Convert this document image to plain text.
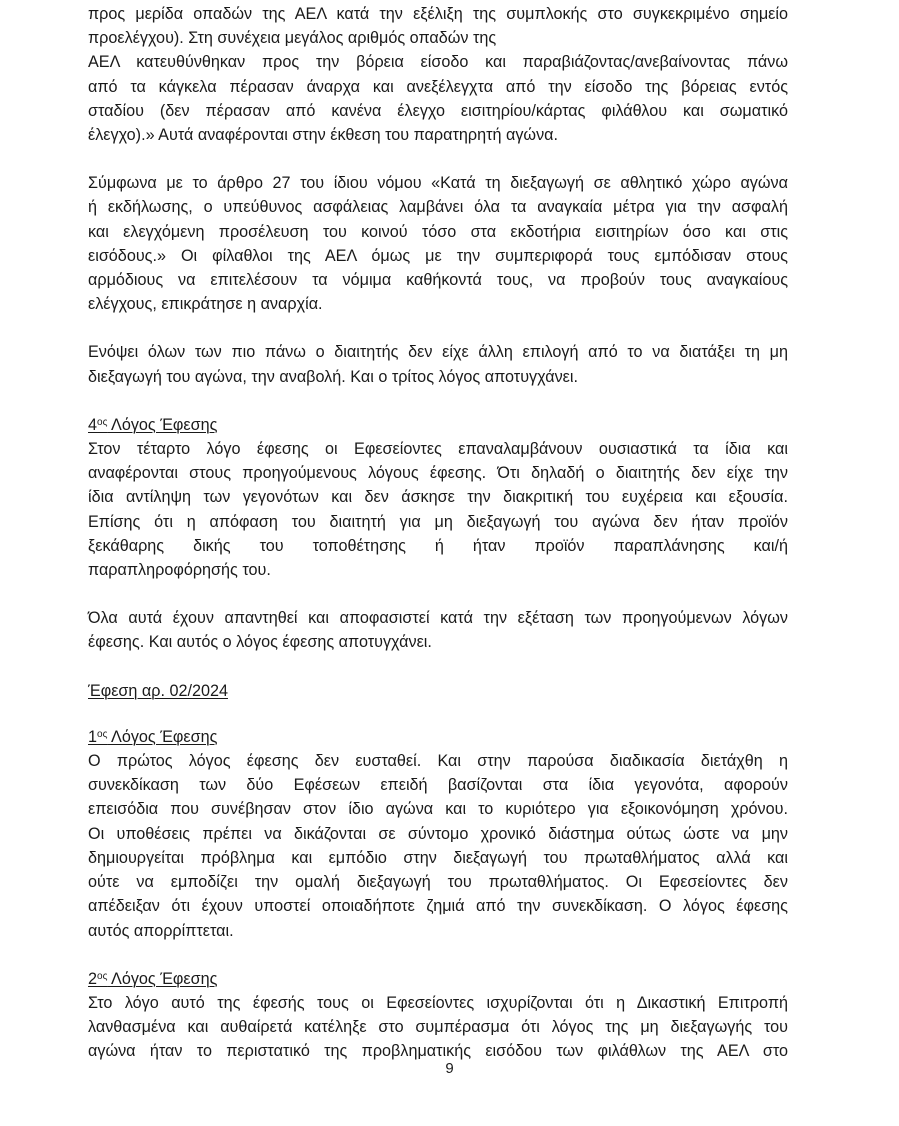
προς μερίδα οπαδών της ΑΕΛ κατά την εξέλιξη της συμπλοκής στο συγκεκριμένο σημείο
προελέγχου). Στη συνέχεια μεγάλος αριθμός οπαδών της
ΑΕΛ κατευθύνθηκαν προς την βόρεια είσοδο και παραβιάζοντας/ανεβαίνοντας πάνω
από τα κάγκελα πέρασαν άναρχα και ανεξέλεγχτα από την είσοδο της βόρειας εντός
σταδίου (δεν πέρασαν από κανένα έλεγχο εισιτηρίου/κάρτας φιλάθλου και σωματικό
έλεγχο).» Αυτά αναφέρονται στην έκθεση του παρατηρητή αγώνα.

Σύμφωνα με το άρθρο 27 του ίδιου νόμου «Κατά τη διεξαγωγή σε αθλητικό χώρο αγώνα
ή εκδήλωσης, ο υπεύθυνος ασφάλειας λαμβάνει όλα τα αναγκαία μέτρα για την ασφαλή
και ελεγχόμενη προσέλευση του κοινού τόσο στα εκδοτήρια εισιτηρίων όσο και στις
εισόδους.» Οι φίλαθλοι της ΑΕΛ όμως με την συμπεριφορά τους εμπόδισαν στους
αρμόδιους να επιτελέσουν τα νόμιμα καθήκοντά τους, να προβούν τους αναγκαίους
ελέγχους, επικράτησε η αναρχία.

Ενόψει όλων των πιο πάνω ο διαιτητής δεν είχε άλλη επιλογή από το να διατάξει τη μη
διεξαγωγή του αγώνα, την αναβολή. Και ο τρίτος λόγος αποτυγχάνει.

$4^{o\varsigma}$ Λόγος Έφεσης

Στον τέταρτο λόγο έφεσης οι Εφεσείοντες επαναλαμβάνουν ουσιαστικά τα ίδια και
αναφέρονται στους προηγούμενους λόγους έφεσης. Ότι δηλαδή ο διαιτητής δεν είχε την
ίδια αντίληψη των γεγονότων και δεν άσκησε την διακριτική του ευχέρεια και εξουσία.
Επίσης ότι η απόφαση του διαιτητή για μη διεξαγωγή του αγώνα δεν ήταν προϊόν
ξεκάθαρης δικής του τοποθέτησης ή ήταν προϊόν παραπλάνησης και/ή
παραπληροφόρησής του.

Όλα αυτά έχουν απαντηθεί και αποφασιστεί κατά την εξέταση των προηγούμενων λόγων
έφεσης. Και αυτός ο λόγος έφεσης αποτυγχάνει.

Έφεση αρ. 02/2024

$1^{o\varsigma}$ Λόγος Έφεσης

Ο πρώτος λόγος έφεσης δεν ευσταθεί. Και στην παρούσα διαδικασία διετάχθη η
συνεκδίκαση των δύο Εφέσεων επειδή βασίζονται στα ίδια γεγονότα, αφορούν
επεισόδια που συνέβησαν στον ίδιο αγώνα και το κυριότερο για εξοικονόμηση χρόνου.
Οι υποθέσεις πρέπει να δικάζονται σε σύντομο χρονικό διάστημα ούτως ώστε να μην
δημιουργείται πρόβλημα και εμπόδιο στην διεξαγωγή του πρωταθλήματος αλλά και
ούτε να εμποδίζει την ομαλή διεξαγωγή του πρωταθλήματος. Οι Εφεσείοντες δεν
απέδειξαν ότι έχουν υποστεί οποιαδήποτε ζημιά από την συνεκδίκαση. Ο λόγος έφεσης
αυτός απορρίπτεται.

$2^{o\varsigma}$ Λόγος Έφεσης

Στο λόγο αυτό της έφεσής τους οι Εφεσείοντες ισχυρίζονται ότι η Δικαστική Επιτροπή
λανθασμένα και αυθαίρετά κατέληξε στο συμπέρασμα ότι λόγος της μη διεξαγωγής του
αγώνα ήταν το περιστατικό της προβληματικής εισόδου των φιλάθλων της ΑΕΛ στο

9
